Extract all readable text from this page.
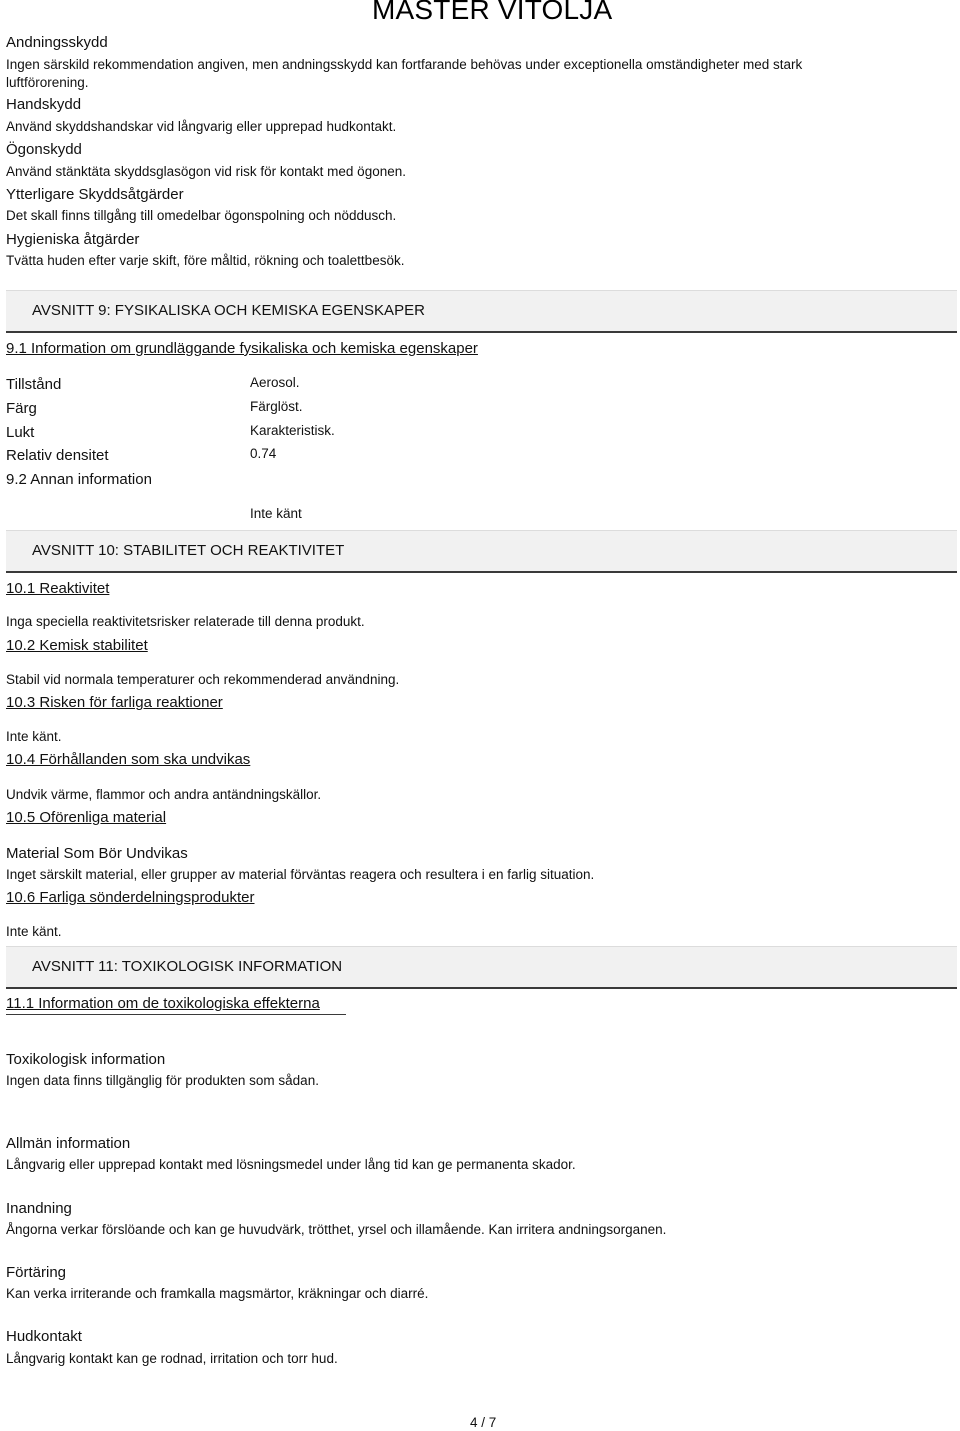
MASTER VITOLJA
Andningsskydd
Ingen särskild rekommendation angiven, men andningsskydd kan fortfarande behövas under exceptionella omständigheter med stark luftförorening.
Handskydd
Använd skyddshandskar vid långvarig eller upprepad hudkontakt.
Ögonskydd
Använd stänktäta skyddsglasögon vid risk för kontakt med ögonen.
Ytterligare Skyddsåtgärder
Det skall finns tillgång till omedelbar ögonspolning och nöddusch.
Hygieniska åtgärder
Tvätta huden efter varje skift, före måltid, rökning och toalettbesök.
AVSNITT 9: FYSIKALISKA OCH KEMISKA EGENSKAPER
9.1 Information om grundläggande fysikaliska och kemiska egenskaper
Tillstånd	Aerosol.
Färg	Färglöst.
Lukt	Karakteristisk.
Relativ densitet	0.74
9.2 Annan information
Inte känt
AVSNITT 10: STABILITET OCH REAKTIVITET
10.1 Reaktivitet
Inga speciella reaktivitetsrisker relaterade till denna produkt.
10.2 Kemisk stabilitet
Stabil vid normala temperaturer och rekommenderad användning.
10.3 Risken för farliga reaktioner
Inte känt.
10.4 Förhållanden som ska undvikas
Undvik värme, flammor och andra antändningskällor.
10.5 Oförenliga material
Material Som Bör Undvikas
Inget särskilt material, eller grupper av material förväntas reagera och resultera i en farlig situation.
10.6 Farliga sönderdelningsprodukter
Inte känt.
AVSNITT 11: TOXIKOLOGISK INFORMATION
11.1 Information om de toxikologiska effekterna
Toxikologisk information
Ingen data finns tillgänglig för produkten som sådan.
Allmän information
Långvarig eller upprepad kontakt med lösningsmedel under lång tid kan ge permanenta skador.
Inandning
Ångorna verkar förslöande och kan ge huvudvärk, trötthet, yrsel och illamående. Kan irritera andningsorganen.
Förtäring
Kan verka irriterande och framkalla magsmärtor, kräkningar och diarré.
Hudkontakt
Långvarig kontakt kan ge rodnad, irritation och torr hud.
4 / 7
